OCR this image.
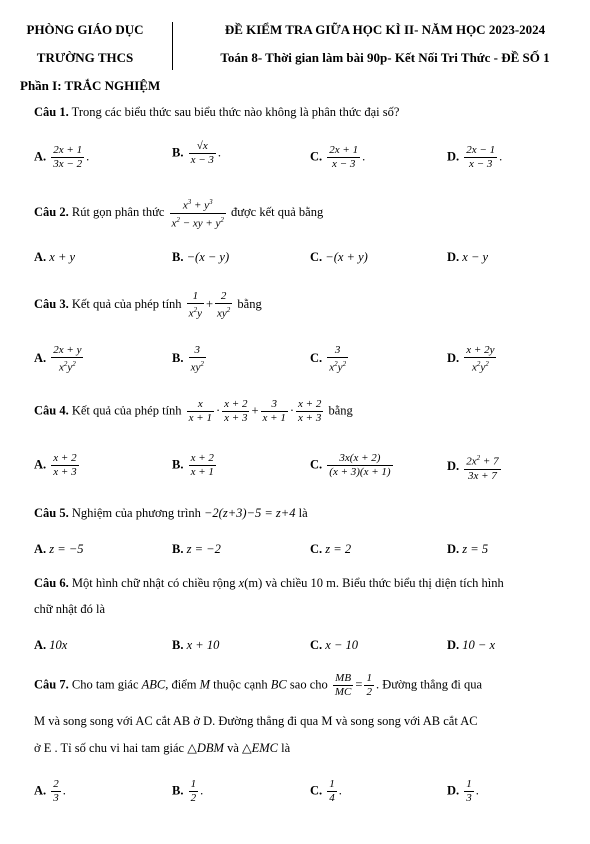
PHÒNG GIÁO DỤC
TRƯỜNG THCS
ĐỀ KIỂM TRA GIỮA HỌC KÌ II- NĂM HỌC 2023-2024
Toán 8- Thời gian làm bài 90p- Kết Nối Tri Thức - ĐỀ SỐ 1
Phần I: TRẮC NGHIỆM
Câu 1. Trong các biểu thức sau biểu thức nào không là phân thức đại số?
A. $\frac{2x + 1}{3x - 2}$ .	B. $\frac{√x}{x - 3}$ .	C. $\frac{2x + 1}{x - 3}$ .	D. $\frac{2x - 1}{x - 3}$ .
Câu 2. Rút gọn phân thức $\frac{x^3 + y^3}{x^2 - xy + y^2}$ được kết quả bằng
A. x + y	B. −(x − y)	C. −(x + y)	D. x − y
Câu 3. Kết quả của phép tính $\frac{1}{x^2y} + \frac{2}{xy^2}$ bằng
A. $\frac{2x + y}{x^2y^2}$	B. $\frac{3}{xy^2}$	C. $\frac{3}{x^2y^2}$	D. $\frac{x + 2y}{x^2y^2}$
Câu 4. Kết quả của phép tính $\frac{x}{x + 1} \cdot \frac{x + 2}{x + 3} + \frac{3}{x + 1} \cdot \frac{x + 2}{x + 3}$ bằng
A. $\frac{x + 2}{x + 3}$	B. $\frac{x + 2}{x + 1}$	C. $\frac{3x(x + 2)}{(x + 3)(x + 1)}$	D. $\frac{2x^2 + 7}{3x + 7}$
Câu 5. Nghiệm của phương trình −2(z+3)−5 = z+4 là
A. z = −5	B. z = −2	C. z = 2	D. z = 5
Câu 6. Một hình chữ nhật có chiều rộng x(m) và chiều 10 m. Biểu thức biểu thị diện tích hình
chữ nhật đó là
A. 10x	B. x + 10	C. x − 10	D. 10 − x
Câu 7. Cho tam giác ABC, điểm M thuộc cạnh BC sao cho $\frac{MB}{MC} = \frac{1}{2}$ . Đường thẳng đi qua
M và song song với AC cắt AB ở D. Đường thẳng đi qua M và song song với AB cắt AC
ở E . Tỉ số chu vi hai tam giác △DBM và △EMC là
A. $\frac{2}{3}$ .	B. $\frac{1}{2}$ .	C. $\frac{1}{4}$ .	D. $\frac{1}{3}$ .
